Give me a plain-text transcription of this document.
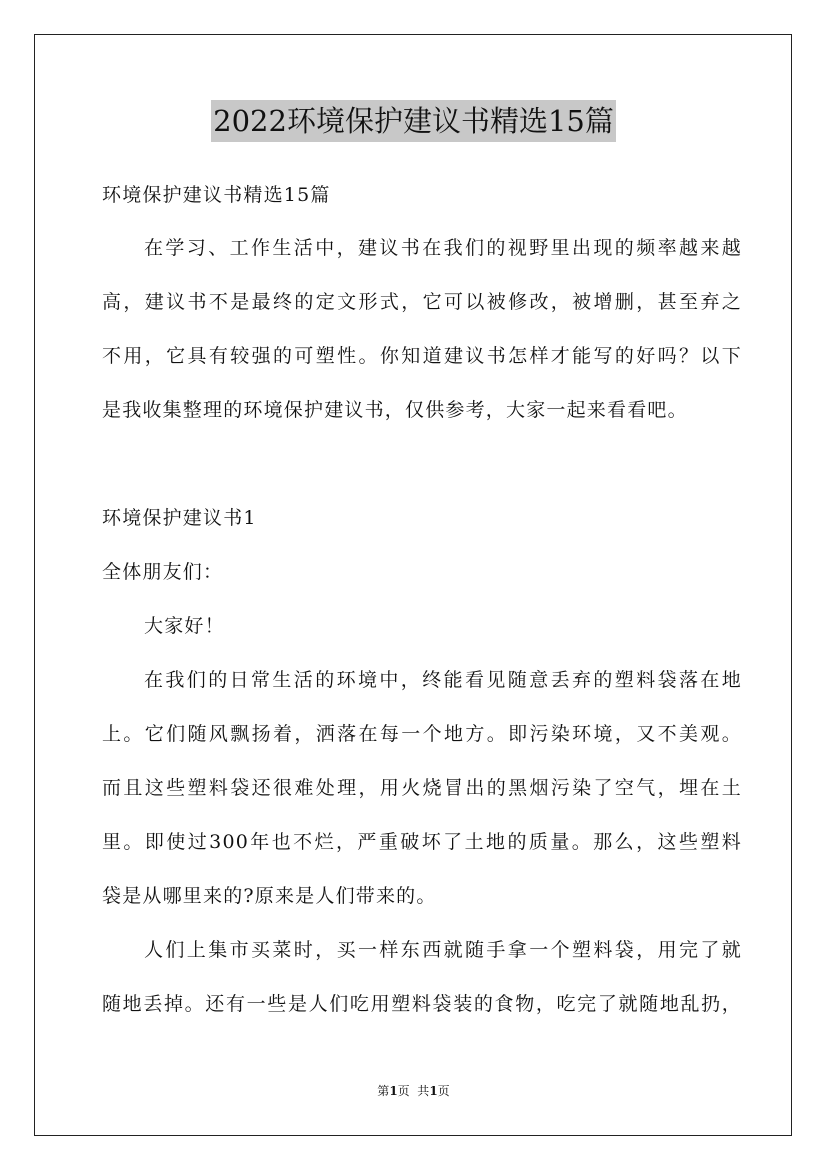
2022环境保护建议书精选15篇
环境保护建议书精选15篇
在学习、工作生活中，建议书在我们的视野里出现的频率越来越
高，建议书不是最终的定文形式，它可以被修改，被增删，甚至弃之
不用，它具有较强的可塑性。你知道建议书怎样才能写的好吗？以下
是我收集整理的环境保护建议书，仅供参考，大家一起来看看吧。
环境保护建议书1
全体朋友们：
大家好！
在我们的日常生活的环境中，终能看见随意丢弃的塑料袋落在地
上。它们随风飘扬着，洒落在每一个地方。即污染环境，又不美观。
而且这些塑料袋还很难处理，用火烧冒出的黑烟污染了空气，埋在土
里。即使过300年也不烂，严重破坏了土地的质量。那么，这些塑料
袋是从哪里来的?原来是人们带来的。
人们上集市买菜时，买一样东西就随手拿一个塑料袋，用完了就
随地丢掉。还有一些是人们吃用塑料袋装的食物，吃完了就随地乱扔，
第1页  共1页
